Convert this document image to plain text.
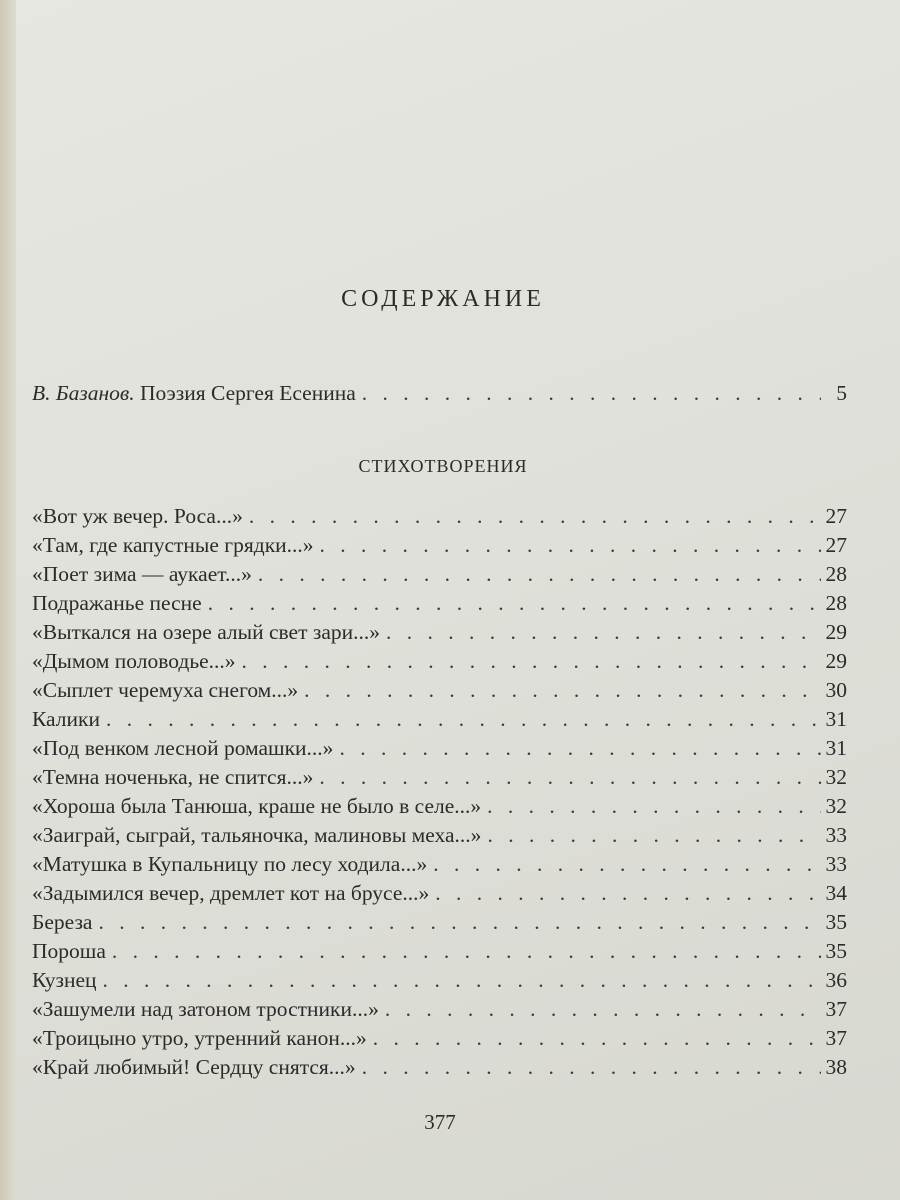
СОДЕРЖАНИЕ
В. Базанов. Поэзия Сергея Есенина . . .	5
СТИХОТВОРЕНИЯ
«Вот уж вечер. Роса...» . . .	27
«Там, где капустные грядки...» . . .	27
«Поет зима — аукает...» . . .	28
Подражанье песне . . .	28
«Выткался на озере алый свет зари...» . . .	29
«Дымом половодье...» . . .	29
«Сыплет черемуха снегом...» . . .	30
Калики . . .	31
«Под венком лесной ромашки...» . . .	31
«Темна ноченька, не спится...» . . .	32
«Хороша была Танюша, краше не было в селе...» . . .	32
«Заиграй, сыграй, тальяночка, малиновы меха...» . . .	33
«Матушка в Купальницу по лесу ходила...» . . .	33
«Задымился вечер, дремлет кот на брусе...» . . .	34
Береза . . .	35
Пороша . . .	35
Кузнец . . .	36
«Зашумели над затоном тростники...» . . .	37
«Троицыно утро, утренний канон...» . . .	37
«Край любимый! Сердцу снятся...» . . .	38
377
